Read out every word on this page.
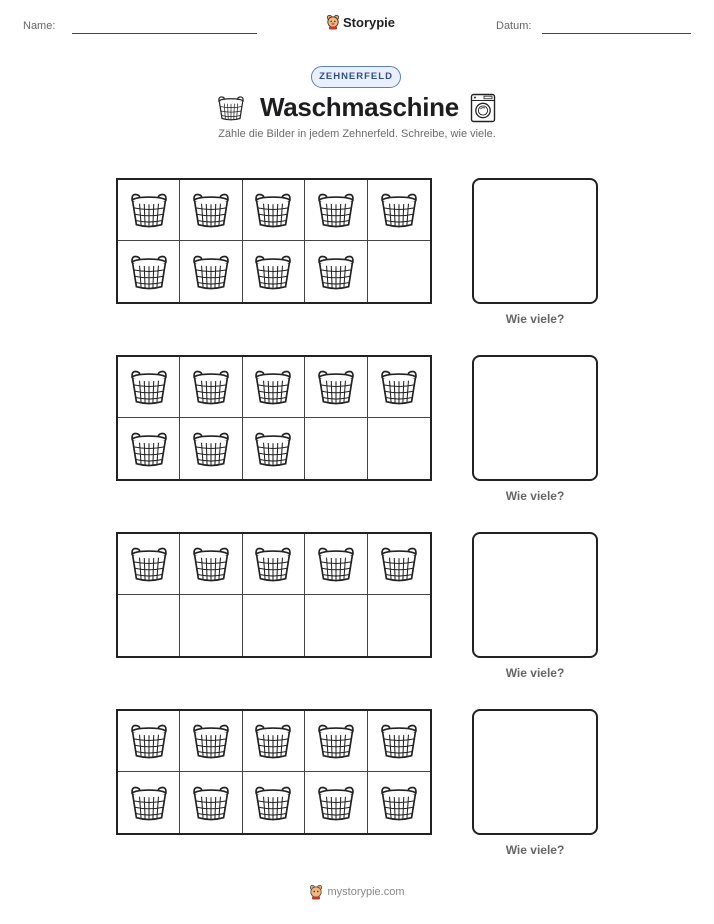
Name:	Storypie	Datum:
ZEHNERFELD
Waschmaschine
Zähle die Bilder in jedem Zehnerfeld. Schreibe, wie viele.
Wie viele?
Wie viele?
Wie viele?
Wie viele?
mystorypie.com
